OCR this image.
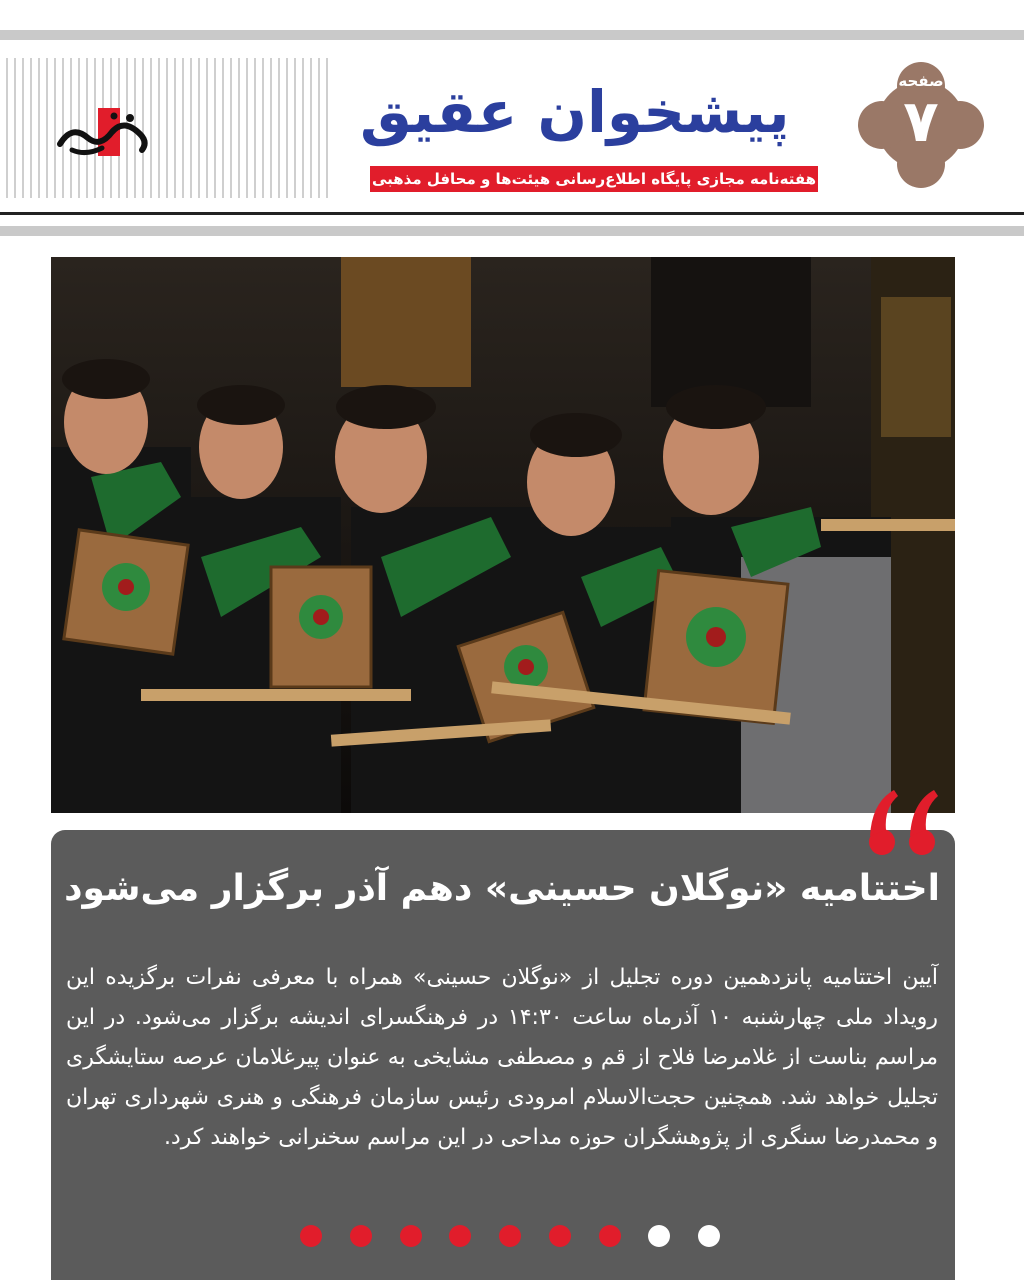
پیشخوان عقیق
هفته‌نامه مجازی پایگاه اطلاع‌رسانی هیئت‌ها و محافل مذهبی
صفحه
۷
اختتامیه «نوگلان حسینی» دهم آذر برگزار می‌شود
آیین اختتامیه پانزدهمین دوره تجلیل از «نوگلان حسینی» همراه با معرفی نفرات برگزیده این رویداد ملی چهارشنبه ۱۰ آذرماه ساعت ۱۴:۳۰ در فرهنگسرای اندیشه برگزار می‌شود. در این مراسم بناست از غلامرضا فلاح از قم و مصطفی مشایخی به عنوان پیرغلامان عرصه ستایشگری تجلیل خواهد شد. همچنین حجت‌الاسلام امرودی رئیس سازمان فرهنگی و هنری شهرداری تهران و محمدرضا سنگری از پژوهشگران حوزه مداحی در این مراسم سخنرانی خواهند کرد.
